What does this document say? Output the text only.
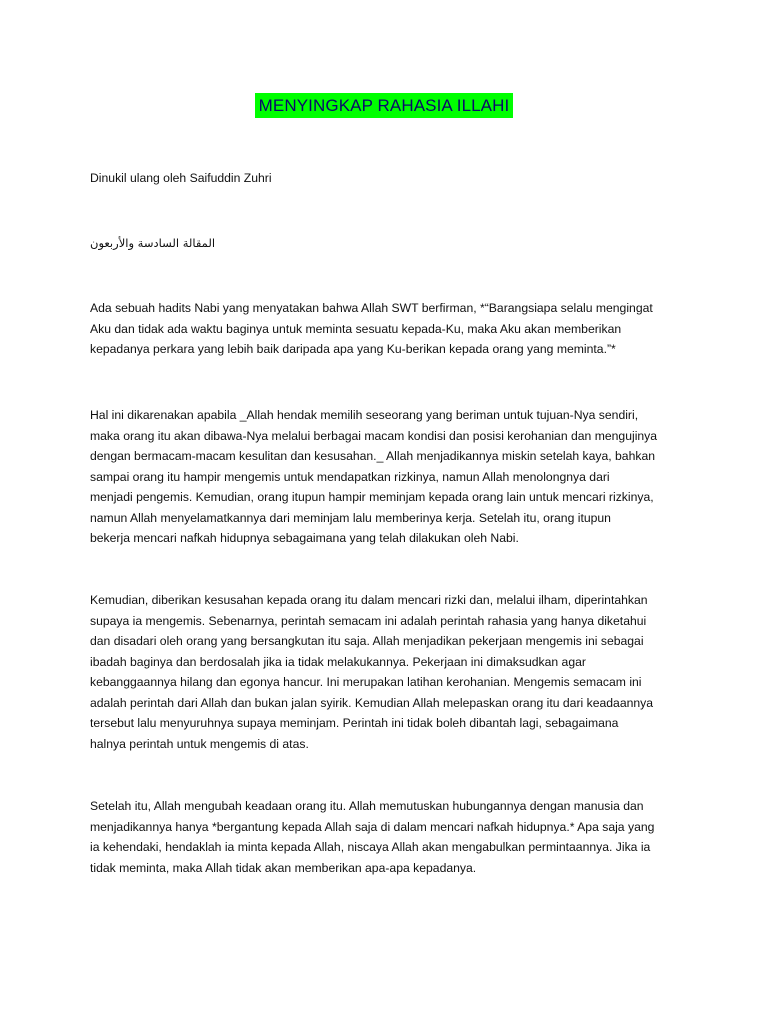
MENYINGKAP RAHASIA ILLAHI
Dinukil ulang oleh Saifuddin Zuhri
المقالة السادسة والأربعون
Ada sebuah hadits Nabi yang menyatakan bahwa Allah SWT berfirman, *“Barangsiapa selalu mengingat
Aku dan tidak ada waktu baginya untuk meminta sesuatu kepada-Ku, maka Aku akan memberikan
kepadanya perkara yang lebih baik daripada apa yang Ku-berikan kepada orang yang meminta.”*
Hal ini dikarenakan apabila _Allah hendak memilih seseorang yang beriman untuk tujuan-Nya sendiri,
maka orang itu akan dibawa-Nya melalui berbagai macam kondisi dan posisi kerohanian dan mengujinya
dengan bermacam-macam kesulitan dan kesusahan._ Allah menjadikannya miskin setelah kaya, bahkan
sampai orang itu hampir mengemis untuk mendapatkan rizkinya, namun Allah menolongnya dari
menjadi pengemis. Kemudian, orang itupun hampir meminjam kepada orang lain untuk mencari rizkinya,
namun Allah menyelamatkannya dari meminjam lalu memberinya kerja. Setelah itu, orang itupun
bekerja mencari nafkah hidupnya sebagaimana yang telah dilakukan oleh Nabi.
Kemudian, diberikan kesusahan kepada orang itu dalam mencari rizki dan, melalui ilham, diperintahkan
supaya ia mengemis. Sebenarnya, perintah semacam ini adalah perintah rahasia yang hanya diketahui
dan disadari oleh orang yang bersangkutan itu saja. Allah menjadikan pekerjaan mengemis ini sebagai
ibadah baginya dan berdosalah jika ia tidak melakukannya. Pekerjaan ini dimaksudkan agar
kebanggaannya hilang dan egonya hancur. Ini merupakan latihan kerohanian. Mengemis semacam ini
adalah perintah dari Allah dan bukan jalan syirik. Kemudian Allah melepaskan orang itu dari keadaannya
tersebut lalu menyuruhnya supaya meminjam. Perintah ini tidak boleh dibantah lagi, sebagaimana
halnya perintah untuk mengemis di atas.
Setelah itu, Allah mengubah keadaan orang itu. Allah memutuskan hubungannya dengan manusia dan
menjadikannya hanya *bergantung kepada Allah saja di dalam mencari nafkah hidupnya.* Apa saja yang
ia kehendaki, hendaklah ia minta kepada Allah, niscaya Allah akan mengabulkan permintaannya. Jika ia
tidak meminta, maka Allah tidak akan memberikan apa-apa kepadanya.
